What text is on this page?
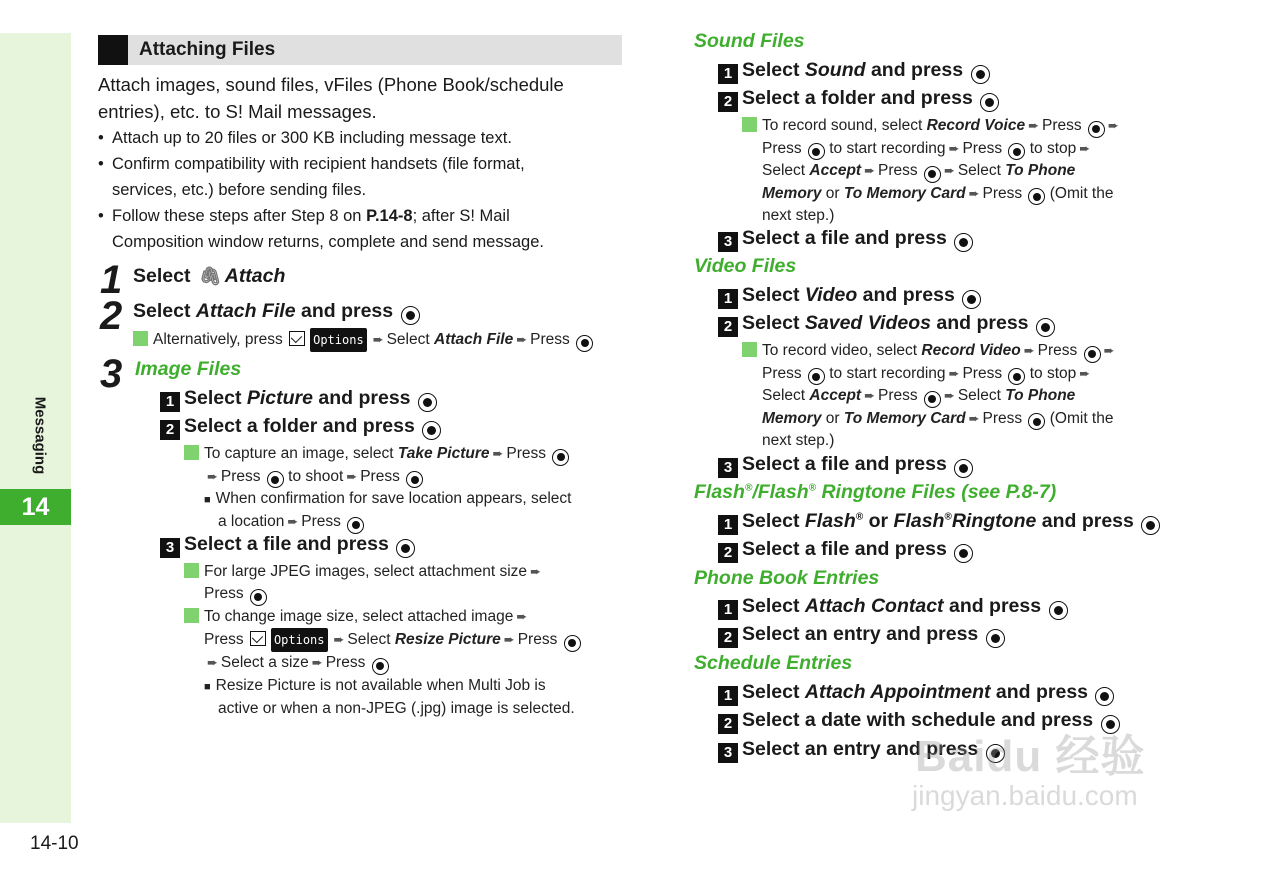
Messaging
14
14-10
Attaching Files
Attach images, sound files, vFiles (Phone Book/schedule
entries), etc. to S! Mail messages.
• Attach up to 20 files or 300 KB including message text.
• Confirm compatibility with recipient handsets (file format,
services, etc.) before sending files.
• Follow these steps after Step 8 on P.14-8; after S! Mail
Composition window returns, complete and send message.
1 Select 🖇 Attach
2 Select Attach File and press
Alternatively, press	Options ➨ Select Attach File ➨ Press
3 Image Files
1 Select Picture and press
2 Select a folder and press
To capture an image, select Take Picture ➨ Press
➨ Press to shoot ➨ Press
■ When confirmation for save location appears, select
a location ➨ Press
3 Select a file and press
For large JPEG images, select attachment size ➨
Press
To change image size, select attached image ➨
Press	Options ➨ Select Resize Picture ➨ Press
➨ Select a size ➨ Press
■ Resize Picture is not available when Multi Job is
active or when a non-JPEG (.jpg) image is selected.
Sound Files
1 Select Sound and press
2 Select a folder and press
To record sound, select Record Voice ➨ Press ➨
Press to start recording ➨ Press to stop ➨
Select Accept ➨ Press ➨ Select To Phone
Memory or To Memory Card ➨ Press (Omit the
next step.)
3 Select a file and press
Video Files
1 Select Video and press
2 Select Saved Videos and press
To record video, select Record Video ➨ Press ➨
Press to start recording ➨ Press to stop ➨
Select Accept ➨ Press ➨ Select To Phone
Memory or To Memory Card ➨ Press (Omit the
next step.)
3 Select a file and press
Flash®/Flash® Ringtone Files (see P.8-7)
1 Select Flash® or Flash®Ringtone and press
2 Select a file and press
Phone Book Entries
1 Select Attach Contact and press
2 Select an entry and press
Schedule Entries
1 Select Attach Appointment and press
2 Select a date with schedule and press
3 Select an entry and press
Baidu 经验
jingyan.baidu.com
